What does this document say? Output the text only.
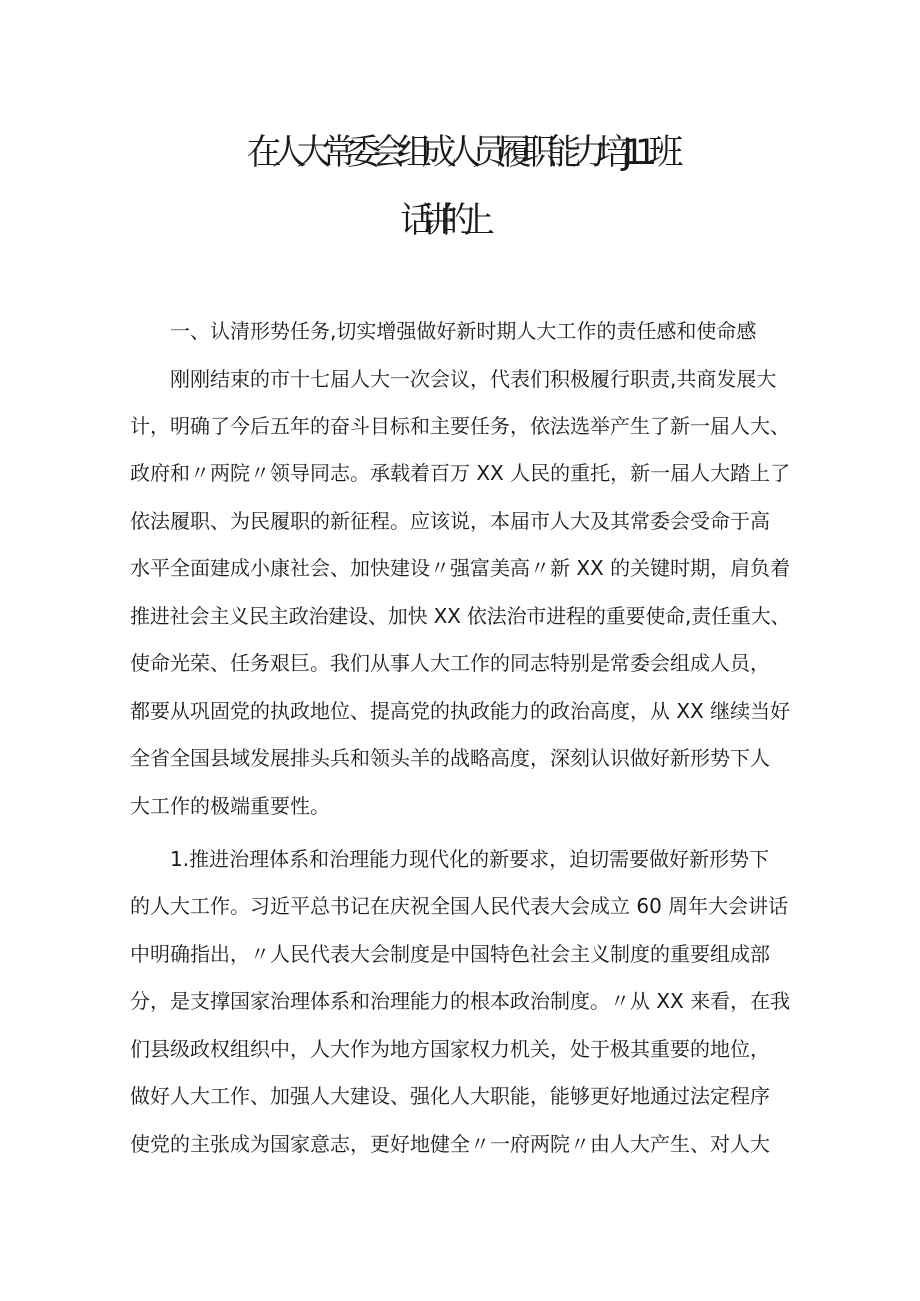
在人大常委会组成人员履职能力培 iJ11 班
　　一、认清形势任务,切实增强做好新时期人大工作的责任感和使命感
　　刚刚结束的市十七届人大一次会议，代表们积极履行职责,共商发展大
计，明确了今后五年的奋斗目标和主要任务，依法选举产生了新一届人大、
政府和〃两院〃领导同志。承载着百万 XX 人民的重托，新一届人大踏上了
依法履职、为民履职的新征程。应该说，本届市人大及其常委会受命于高
水平全面建成小康社会、加快建设〃强富美高〃新 XX 的关键时期，肩负着
推进社会主义民主政治建设、加快 XX 依法治市进程的重要使命,责任重大、
使命光荣、任务艰巨。我们从事人大工作的同志特别是常委会组成人员，
都要从巩固党的执政地位、提高党的执政能力的政治高度，从 XX 继续当好
全省全国县域发展排头兵和领头羊的战略高度，深刻认识做好新形势下人
大工作的极端重要性。
　　1.推进治理体系和治理能力现代化的新要求，迫切需要做好新形势下
的人大工作。习近平总书记在庆祝全国人民代表大会成立 60 周年大会讲话
中明确指出，〃人民代表大会制度是中国特色社会主义制度的重要组成部
分，是支撑国家治理体系和治理能力的根本政治制度。〃从 XX 来看，在我
们县级政权组织中，人大作为地方国家权力机关，处于极其重要的地位，
做好人大工作、加强人大建设、强化人大职能，能够更好地通过法定程序
使党的主张成为国家意志，更好地健全〃一府两院〃由人大产生、对人大
